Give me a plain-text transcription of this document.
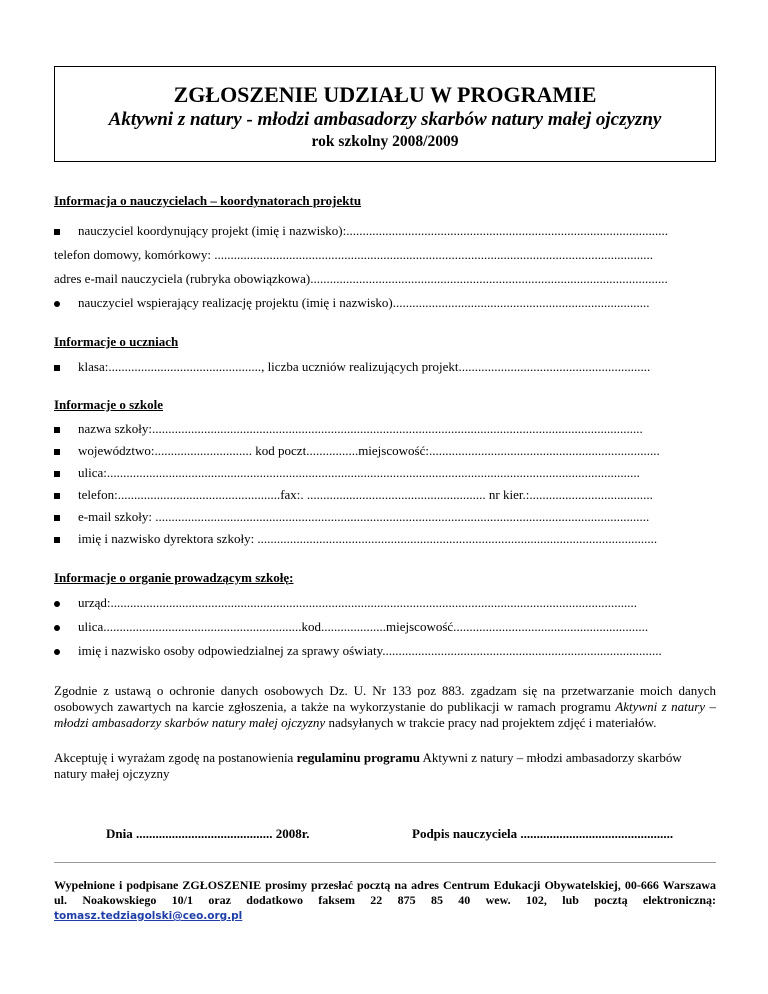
ZGŁOSZENIE UDZIAŁU W PROGRAMIE
Aktywni z natury - młodzi ambasadorzy skarbów natury małej ojczyzny
rok szkolny 2008/2009
Informacja o nauczycielach – koordynatorach projektu
nauczyciel koordynujący projekt (imię i nazwisko):...................................................................................................
telefon domowy, komórkowy: .......................................................................................................................................
adres e-mail nauczyciela (rubryka obowiązkowa)..............................................................................................................
nauczyciel wspierający realizację projektu (imię i nazwisko)...............................................................................
Informacje o uczniach
klasa:..............................................., liczba uczniów realizujących projekt...........................................................
Informacje o szkole
nazwa szkoły:.......................................................................................................................................................
województwo:.............................. kod poczt................miejscowość:.......................................................................
ulica:....................................................................................................................................................................
telefon:..................................................fax:. ....................................................... nr kier.:......................................
e-mail szkoły: ........................................................................................................................................................
imię i nazwisko dyrektora szkoły: ...........................................................................................................................
Informacje o organie prowadzącym szkołę:
urząd:..................................................................................................................................................................
ulica.............................................................kod....................miejscowość............................................................
imię i nazwisko osoby odpowiedzialnej za sprawy oświaty......................................................................................
Zgodnie z ustawą o ochronie danych osobowych Dz. U. Nr 133 poz 883. zgadzam się na przetwarzanie moich danych osobowych zawartych na karcie zgłoszenia, a także na wykorzystanie do publikacji w ramach programu Aktywni z natury – młodzi ambasadorzy skarbów natury małej ojczyzny nadsyłanych w trakcie pracy nad projektem zdjęć i materiałów.
Akceptuję i wyrażam zgodę na postanowienia regulaminu programu Aktywni z natury – młodzi ambasadorzy skarbów natury małej ojczyzny
Dnia .......................................... 2008r.	Podpis nauczyciela ...............................................
Wypełnione i podpisane ZGŁOSZENIE prosimy przesłać pocztą na adres Centrum Edukacji Obywatelskiej, 00-666 Warszawa ul. Noakowskiego 10/1 oraz dodatkowo faksem 22 875 85 40 wew. 102, lub pocztą elektroniczną: tomasz.tedziagolski@ceo.org.pl
